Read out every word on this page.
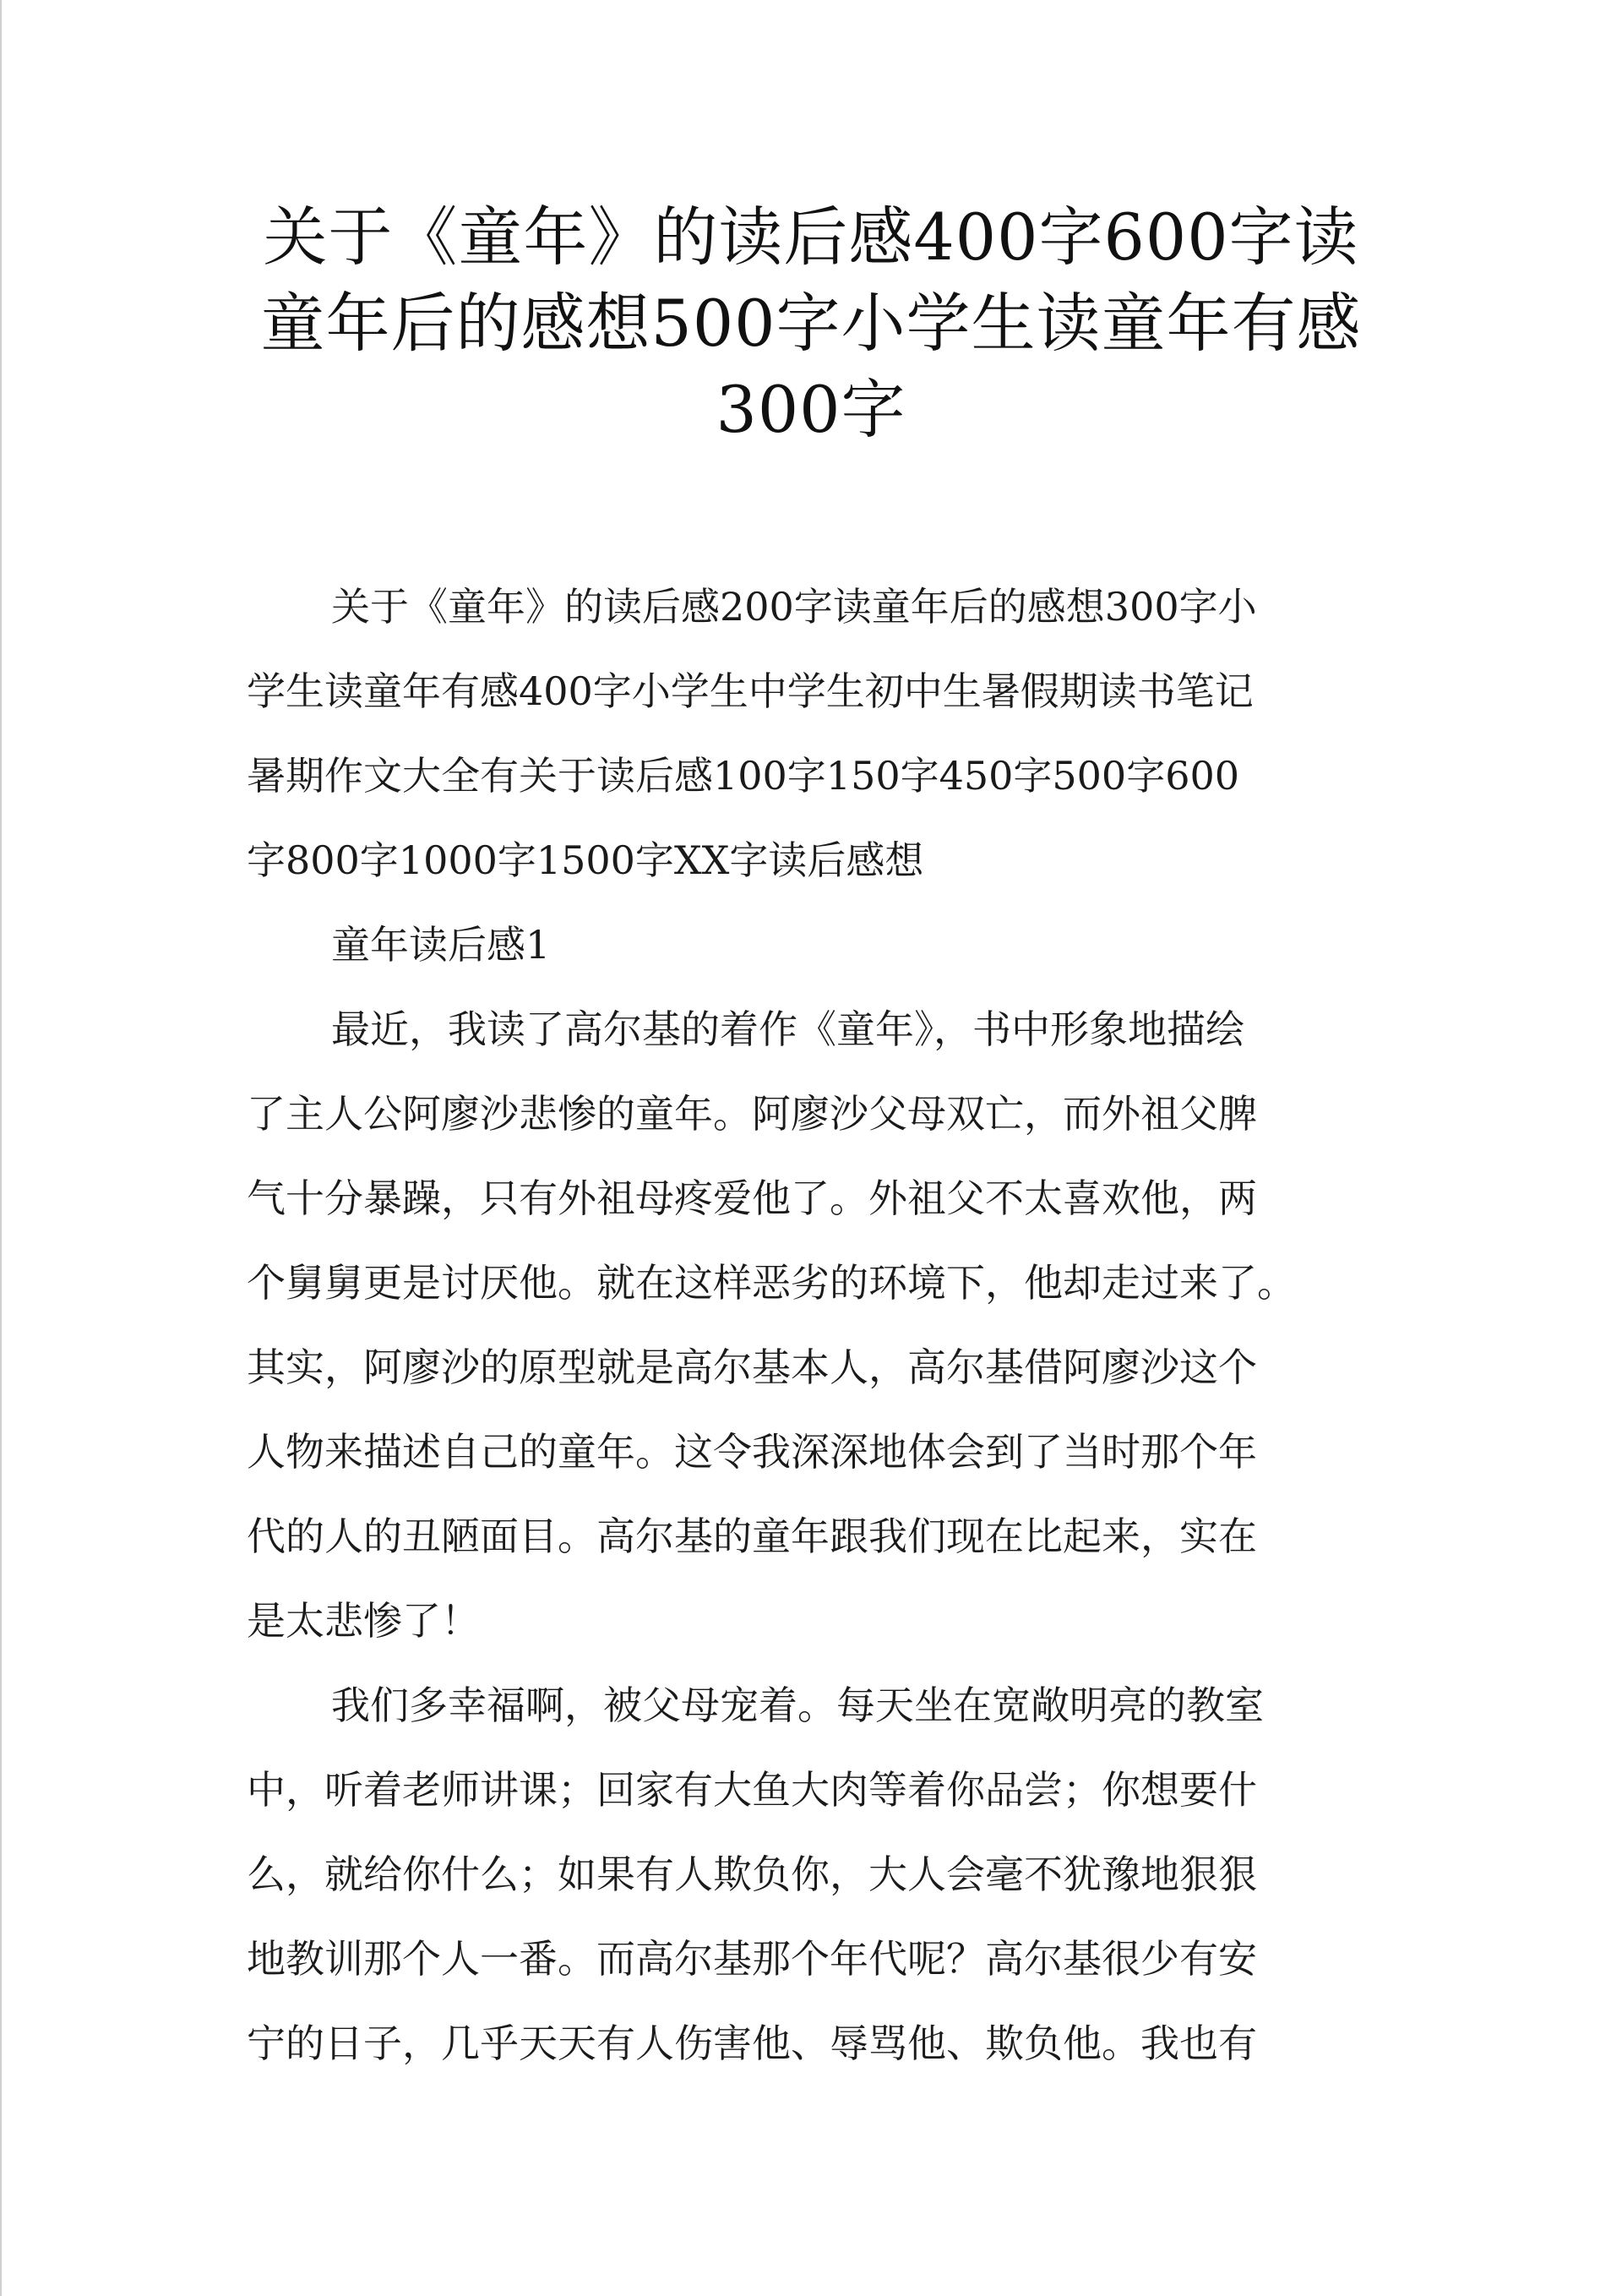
关于《童年》的读后感400字600字读
童年后的感想500字小学生读童年有感
300字

关于《童年》的读后感200字读童年后的感想300字小
学生读童年有感400字小学生中学生初中生暑假期读书笔记
暑期作文大全有关于读后感100字150字450字500字600
字800字1000字1500字XX字读后感想

童年读后感1

最近，我读了高尔基的着作《童年》，书中形象地描绘
了主人公阿廖沙悲惨的童年。阿廖沙父母双亡，而外祖父脾
气十分暴躁，只有外祖母疼爱他了。外祖父不太喜欢他，两
个舅舅更是讨厌他。就在这样恶劣的环境下，他却走过来了。
其实，阿廖沙的原型就是高尔基本人，高尔基借阿廖沙这个
人物来描述自己的童年。这令我深深地体会到了当时那个年
代的人的丑陋面目。高尔基的童年跟我们现在比起来，实在
是太悲惨了！

我们多幸福啊，被父母宠着。每天坐在宽敞明亮的教室
中，听着老师讲课；回家有大鱼大肉等着你品尝；你想要什
么，就给你什么；如果有人欺负你，大人会毫不犹豫地狠狠
地教训那个人一番。而高尔基那个年代呢？高尔基很少有安
宁的日子，几乎天天有人伤害他、辱骂他、欺负他。我也有
